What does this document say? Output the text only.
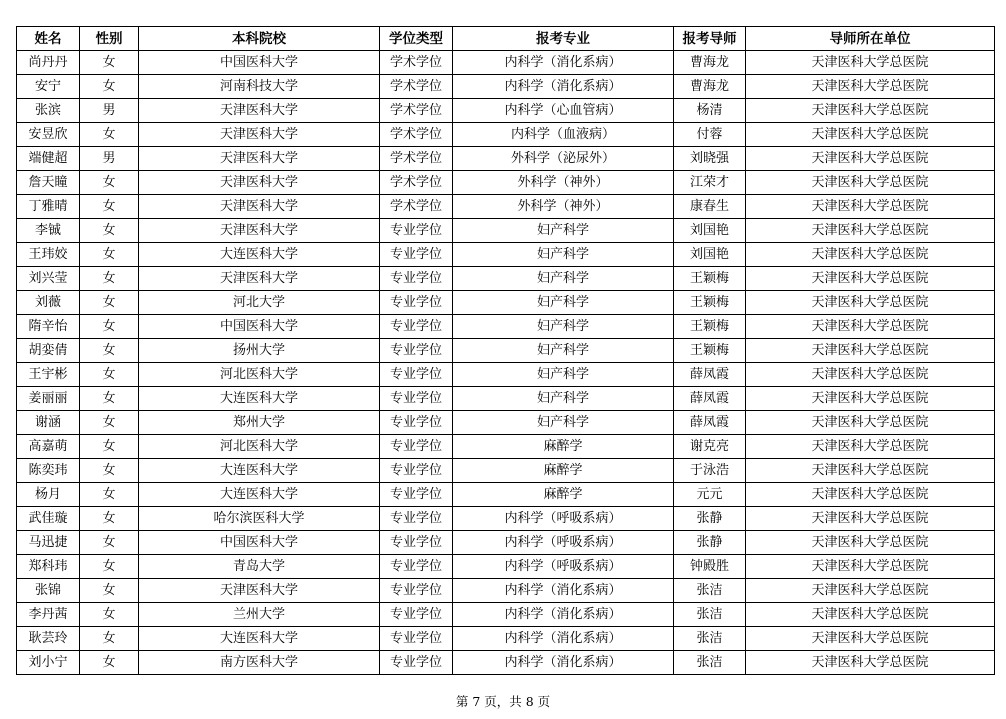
姓名	性别	本科院校	学位类型	报考专业	报考导师	导师所在单位
尚丹丹	女	中国医科大学	学术学位	内科学（消化系病）	曹海龙	天津医科大学总医院
安宁	女	河南科技大学	学术学位	内科学（消化系病）	曹海龙	天津医科大学总医院
张滨	男	天津医科大学	学术学位	内科学（心血管病）	杨清	天津医科大学总医院
安昱欣	女	天津医科大学	学术学位	内科学（血液病）	付蓉	天津医科大学总医院
端健超	男	天津医科大学	学术学位	外科学（泌尿外）	刘晓强	天津医科大学总医院
詹天瞳	女	天津医科大学	学术学位	外科学（神外）	江荣才	天津医科大学总医院
丁雅晴	女	天津医科大学	学术学位	外科学（神外）	康春生	天津医科大学总医院
李铖	女	天津医科大学	专业学位	妇产科学	刘国艳	天津医科大学总医院
王玮姣	女	大连医科大学	专业学位	妇产科学	刘国艳	天津医科大学总医院
刘兴莹	女	天津医科大学	专业学位	妇产科学	王颖梅	天津医科大学总医院
刘薇	女	河北大学	专业学位	妇产科学	王颖梅	天津医科大学总医院
隋辛怡	女	中国医科大学	专业学位	妇产科学	王颖梅	天津医科大学总医院
胡娈倩	女	扬州大学	专业学位	妇产科学	王颖梅	天津医科大学总医院
王宇彬	女	河北医科大学	专业学位	妇产科学	薛凤霞	天津医科大学总医院
姜丽丽	女	大连医科大学	专业学位	妇产科学	薛凤霞	天津医科大学总医院
谢涵	女	郑州大学	专业学位	妇产科学	薛凤霞	天津医科大学总医院
高嘉萌	女	河北医科大学	专业学位	麻醉学	谢克亮	天津医科大学总医院
陈奕玮	女	大连医科大学	专业学位	麻醉学	于泳浩	天津医科大学总医院
杨月	女	大连医科大学	专业学位	麻醉学	元元	天津医科大学总医院
武佳璇	女	哈尔滨医科大学	专业学位	内科学（呼吸系病）	张静	天津医科大学总医院
马迅捷	女	中国医科大学	专业学位	内科学（呼吸系病）	张静	天津医科大学总医院
郑科玮	女	青岛大学	专业学位	内科学（呼吸系病）	钟殿胜	天津医科大学总医院
张锦	女	天津医科大学	专业学位	内科学（消化系病）	张洁	天津医科大学总医院
李丹茜	女	兰州大学	专业学位	内科学（消化系病）	张洁	天津医科大学总医院
耿芸玲	女	大连医科大学	专业学位	内科学（消化系病）	张洁	天津医科大学总医院
刘小宁	女	南方医科大学	专业学位	内科学（消化系病）	张洁	天津医科大学总医院
第 7 页，共 8 页
